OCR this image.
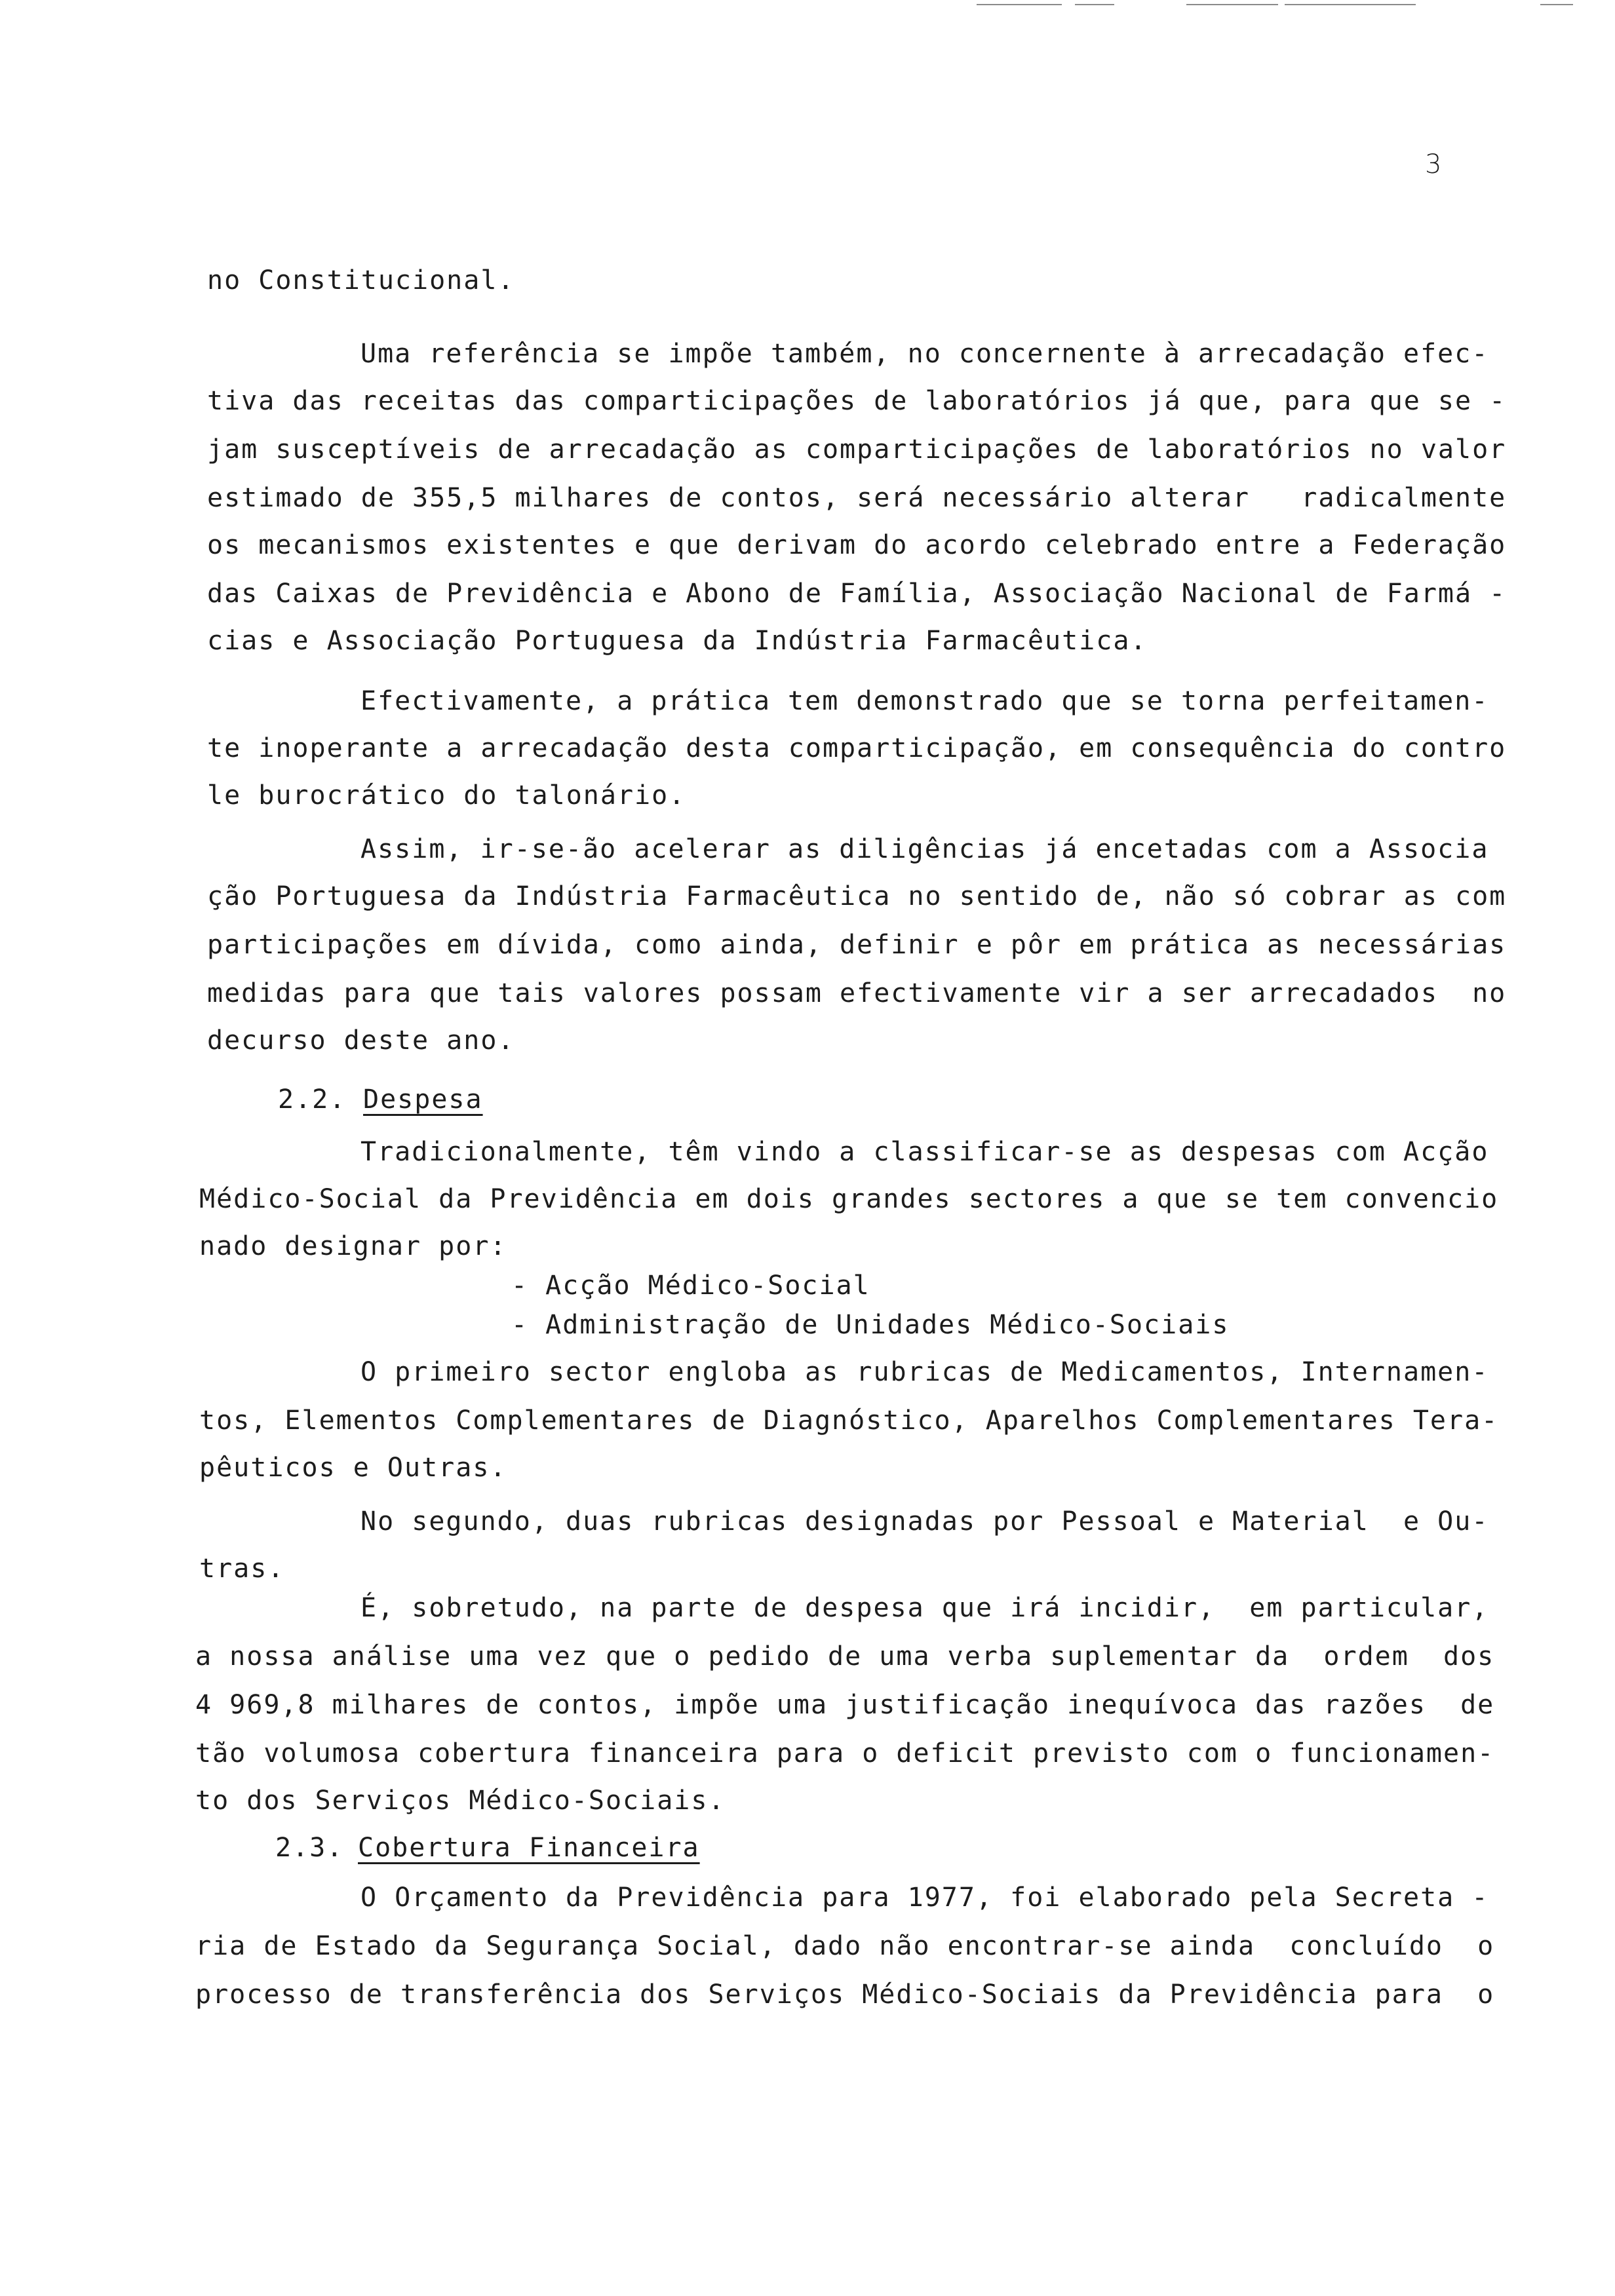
3
no Constitucional.
Uma referência se impõe também, no concernente à arrecadação efec-
tiva das receitas das comparticipações de laboratórios já que, para que se -
jam susceptíveis de arrecadação as comparticipações de laboratórios no valor
estimado de 355,5 milhares de contos, será necessário alterar   radicalmente
os mecanismos existentes e que derivam do acordo celebrado entre a Federação
das Caixas de Previdência e Abono de Família, Associação Nacional de Farmá -
cias e Associação Portuguesa da Indústria Farmacêutica.
Efectivamente, a prática tem demonstrado que se torna perfeitamen-
te inoperante a arrecadação desta comparticipação, em consequência do contro
le burocrático do talonário.
Assim, ir-se-ão acelerar as diligências já encetadas com a Associa
ção Portuguesa da Indústria Farmacêutica no sentido de, não só cobrar as com
participações em dívida, como ainda, definir e pôr em prática as necessárias
medidas para que tais valores possam efectivamente vir a ser arrecadados  no
decurso deste ano.
2.2. Despesa
Tradicionalmente, têm vindo a classificar-se as despesas com Acção
Médico-Social da Previdência em dois grandes sectores a que se tem convencio
nado designar por:
- Acção Médico-Social
- Administração de Unidades Médico-Sociais
O primeiro sector engloba as rubricas de Medicamentos, Internamen-
tos, Elementos Complementares de Diagnóstico, Aparelhos Complementares Tera-
pêuticos e Outras.
No segundo, duas rubricas designadas por Pessoal e Material  e Ou-
tras.
É, sobretudo, na parte de despesa que irá incidir,  em particular,
a nossa análise uma vez que o pedido de uma verba suplementar da  ordem  dos
4 969,8 milhares de contos, impõe uma justificação inequívoca das razões  de
tão volumosa cobertura financeira para o deficit previsto com o funcionamen-
to dos Serviços Médico-Sociais.
2.3. Cobertura Financeira
O Orçamento da Previdência para 1977, foi elaborado pela Secreta -
ria de Estado da Segurança Social, dado não encontrar-se ainda  concluído  o
processo de transferência dos Serviços Médico-Sociais da Previdência para  o
